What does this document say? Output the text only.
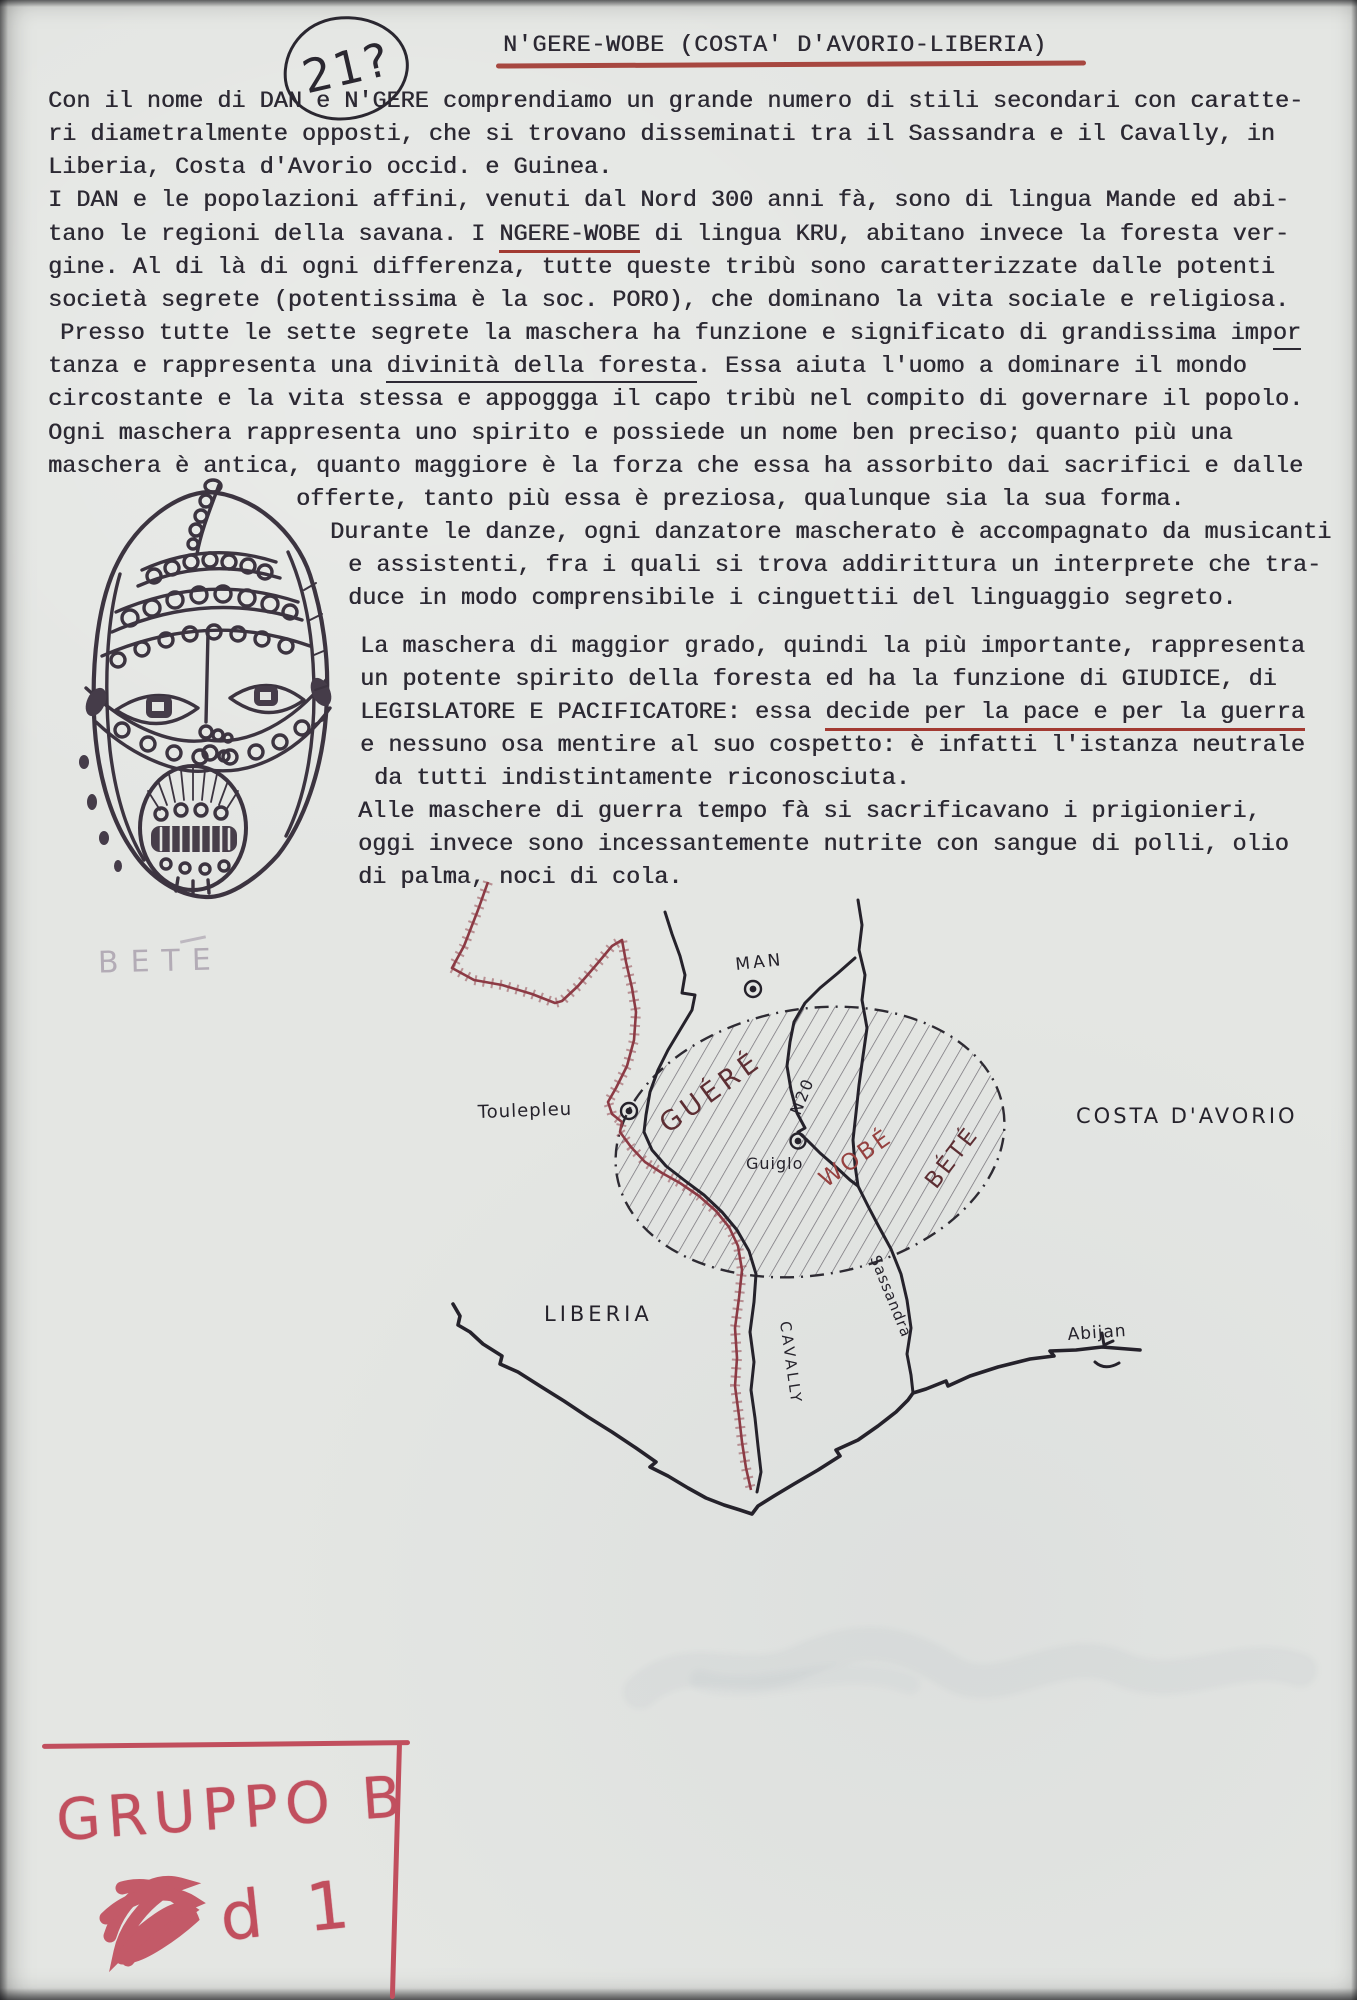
21?	N'GERE-WOBE (COSTA' D'AVORIO-LIBERIA)
Con il nome di DAN e N'GERE comprendiamo un grande numero di stili secondari con caratte-
ri diametralmente opposti, che si trovano disseminati tra il Sassandra e il Cavally, in
Liberia, Costa d'Avorio occid. e Guinea.
I DAN e le popolazioni affini, venuti dal Nord 300 anni fà, sono di lingua Mande ed abi-
tano le regioni della savana. I NGERE-WOBE di lingua KRU, abitano invece la foresta ver-
gine. Al di là di ogni differenza, tutte queste tribù sono caratterizzate dalle potenti
società segrete (potentissima è la soc. PORO), che dominano la vita sociale e religiosa.
Presso tutte le sette segrete la maschera ha funzione e significato di grandissima impor
tanza e rappresenta una divinità della foresta. Essa aiuta l'uomo a dominare il mondo
circostante e la vita stessa e appoggga il capo tribù nel compito di governare il popolo.
Ogni maschera rappresenta uno spirito e possiede un nome ben preciso; quanto più una
maschera è antica, quanto maggiore è la forza che essa ha assorbito dai sacrifici e dalle
offerte, tanto più essa è preziosa, qualunque sia la sua forma.
Durante le danze, ogni danzatore mascherato è accompagnato da musicanti
e assistenti, fra i quali si trova addirittura un interprete che tra-
duce in modo comprensibile i cinguettii del linguaggio segreto.
La maschera di maggior grado, quindi la più importante, rappresenta
un potente spirito della foresta ed ha la funzione di GIUDICE, di
LEGISLATORE E PACIFICATORE: essa decide per la pace e per la guerra
e nessuno osa mentire al suo cospetto: è infatti l'istanza neutrale
da tutti indistintamente riconosciuta.
Alle maschere di guerra tempo fà si sacrificavano i prigionieri,
oggi invece sono incessantemente nutrite con sangue di polli, olio
di palma, noci di cola.
BETE	MAN
Toulepleu	GUÉRÉ N20
Guiglo WOBÉ BÉTÉ
COSTA D'AVORIO
LIBERIA
CAVALLY
Sassandra	Abijan
GRUPPO B
d 1
